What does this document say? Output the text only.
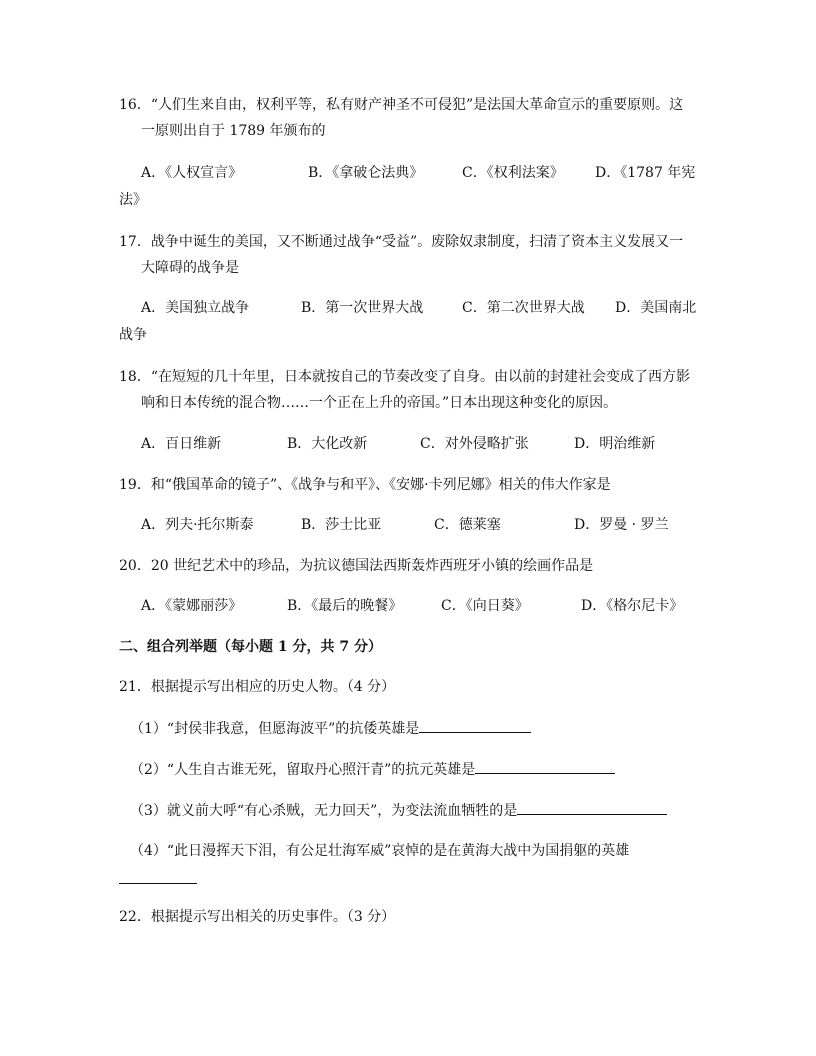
16．“人们生来自由，权利平等，私有财产神圣不可侵犯”是法国大革命宣示的重要原则。这
一原则出自于 1789 年颁布的
A．《人权宣言》	B．《拿破仑法典》	C．《权利法案》 D．《1787 年宪
法》
17．战争中诞生的美国，又不断通过战争“受益”。废除奴隶制度，扫清了资本主义发展又一
大障碍的战争是
A．美国独立战争	B．第一次世界大战	C．第二次世界大战 D．美国南北
战争
18．“在短短的几十年里，日本就按自己的节奏改变了自身。由以前的封建社会变成了西方影
响和日本传统的混合物……一个正在上升的帝国。”日本出现这种变化的原因。
A．百日维新	B．大化改新	C．对外侵略扩张	D．明治维新
19．和“俄国革命的镜子”、《战争与和平》、《安娜·卡列尼娜》相关的伟大作家是
A．列夫·托尔斯泰	B．莎士比亚	C．德莱塞	D．罗曼 · 罗兰
20．20 世纪艺术中的珍品，为抗议德国法西斯轰炸西班牙小镇的绘画作品是
A．《蒙娜丽莎》	B．《最后的晚餐》	C．《向日葵》	D．《格尔尼卡》
二、组合列举题（每小题 1 分，共 7 分）
21．根据提示写出相应的历史人物。（4 分）
（1）“封侯非我意，但愿海波平”的抗倭英雄是
（2）“人生自古谁无死，留取丹心照汗青”的抗元英雄是
（3）就义前大呼“有心杀贼，无力回天”，为变法流血牺牲的是
（4）“此日漫挥天下泪，有公足壮海军威”哀悼的是在黄海大战中为国捐躯的英雄
22．根据提示写出相关的历史事件。（3 分）
